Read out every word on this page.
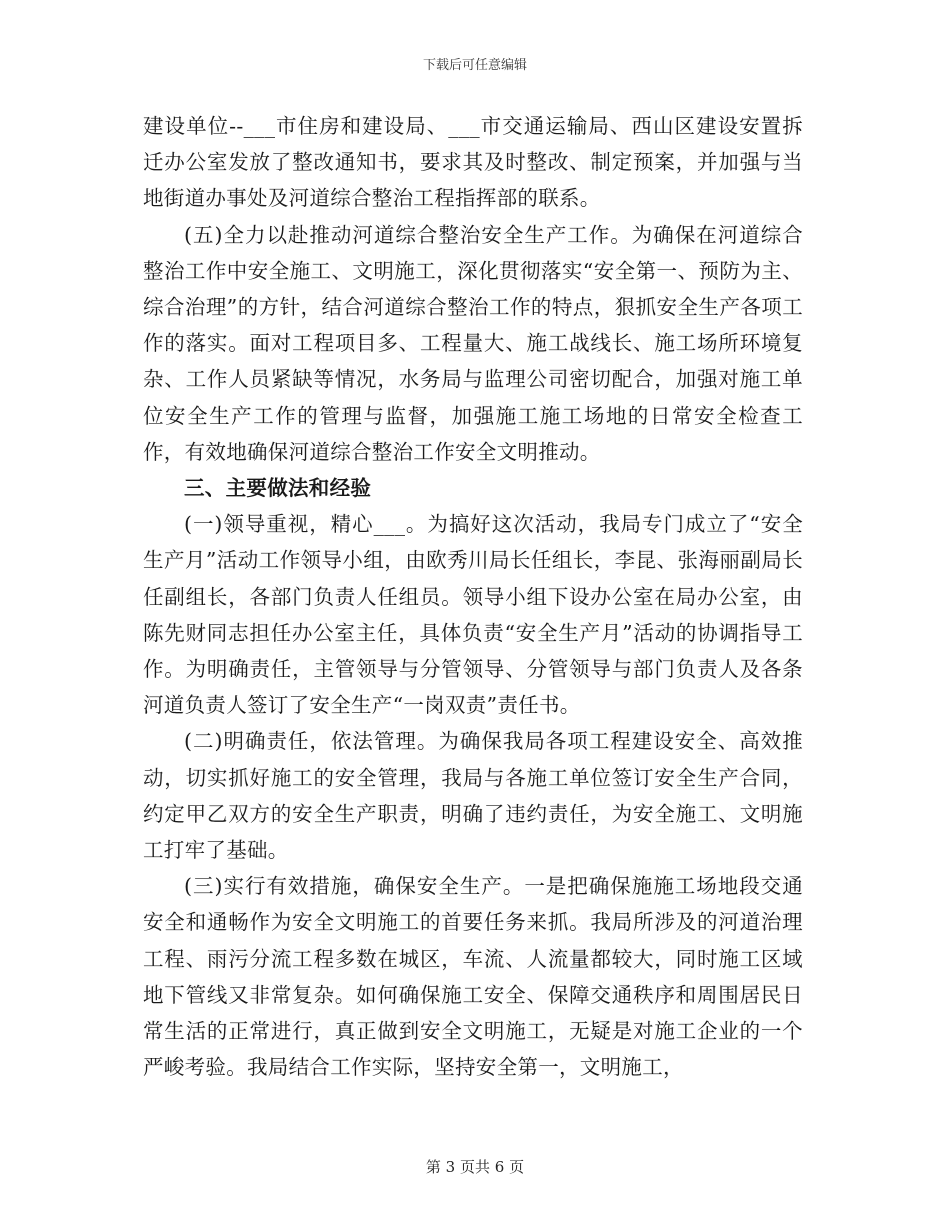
下载后可任意编辑

建设单位--___市住房和建设局、___市交通运输局、西山区建设安置拆迁办公室发放了整改通知书，要求其及时整改、制定预案，并加强与当地街道办事处及河道综合整治工程指挥部的联系。

(五)全力以赴推动河道综合整治安全生产工作。为确保在河道综合整治工作中安全施工、文明施工，深化贯彻落实“安全第一、预防为主、综合治理”的方针，结合河道综合整治工作的特点，狠抓安全生产各项工作的落实。面对工程项目多、工程量大、施工战线长、施工场所环境复杂、工作人员紧缺等情况，水务局与监理公司密切配合，加强对施工单位安全生产工作的管理与监督，加强施工施工场地的日常安全检查工作，有效地确保河道综合整治工作安全文明推动。

三、主要做法和经验

(一)领导重视，精心___。为搞好这次活动，我局专门成立了“安全生产月”活动工作领导小组，由欧秀川局长任组长，李昆、张海丽副局长任副组长，各部门负责人任组员。领导小组下设办公室在局办公室，由陈先财同志担任办公室主任，具体负责“安全生产月”活动的协调指导工作。为明确责任，主管领导与分管领导、分管领导与部门负责人及各条河道负责人签订了安全生产“一岗双责”责任书。

(二)明确责任，依法管理。为确保我局各项工程建设安全、高效推动，切实抓好施工的安全管理，我局与各施工单位签订安全生产合同，约定甲乙双方的安全生产职责，明确了违约责任，为安全施工、文明施工打牢了基础。

(三)实行有效措施，确保安全生产。一是把确保施施工场地段交通安全和通畅作为安全文明施工的首要任务来抓。我局所涉及的河道治理工程、雨污分流工程多数在城区，车流、人流量都较大，同时施工区域地下管线又非常复杂。如何确保施工安全、保障交通秩序和周围居民日常生活的正常进行，真正做到安全文明施工，无疑是对施工企业的一个严峻考验。我局结合工作实际，坚持安全第一，文明施工，

第 3 页共 6 页
